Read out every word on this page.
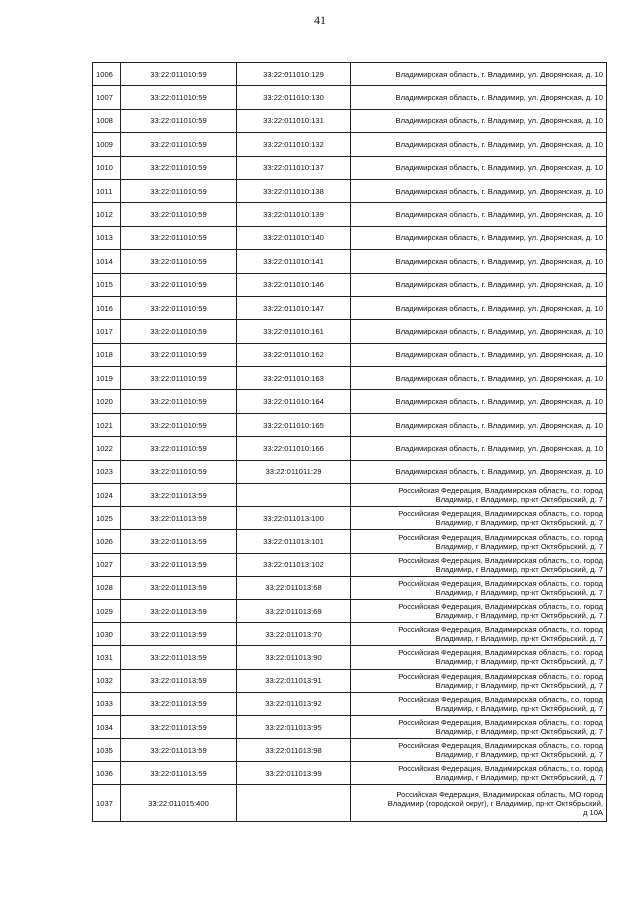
41
1006	33:22:011010:59	33:22:011010:129	Владимирская область, г. Владимир, ул. Дворянская, д. 10
1007	33:22:011010:59	33:22:011010:130	Владимирская область, г. Владимир, ул. Дворянская, д. 10
1008	33:22:011010:59	33:22:011010:131	Владимирская область, г. Владимир, ул. Дворянская, д. 10
1009	33:22:011010:59	33:22:011010:132	Владимирская область, г. Владимир, ул. Дворянская, д. 10
1010	33:22:011010:59	33:22:011010:137	Владимирская область, г. Владимир, ул. Дворянская, д. 10
1011	33:22:011010:59	33:22:011010:138	Владимирская область, г. Владимир, ул. Дворянская, д. 10
1012	33:22:011010:59	33:22:011010:139	Владимирская область, г. Владимир, ул. Дворянская, д. 10
1013	33:22:011010:59	33:22:011010:140	Владимирская область, г. Владимир, ул. Дворянская, д. 10
1014	33:22:011010:59	33:22:011010:141	Владимирская область, г. Владимир, ул. Дворянская, д. 10
1015	33:22:011010:59	33:22:011010:146	Владимирская область, г. Владимир, ул. Дворянская, д. 10
1016	33:22:011010:59	33:22:011010:147	Владимирская область, г. Владимир, ул. Дворянская, д. 10
1017	33:22:011010:59	33:22:011010:161	Владимирская область, г. Владимир, ул. Дворянская, д. 10
1018	33:22:011010:59	33:22:011010:162	Владимирская область, г. Владимир, ул. Дворянская, д. 10
1019	33:22:011010:59	33:22:011010:163	Владимирская область, г. Владимир, ул. Дворянская, д. 10
1020	33:22:011010:59	33:22:011010:164	Владимирская область, г. Владимир, ул. Дворянская, д. 10
1021	33:22:011010:59	33:22:011010:165	Владимирская область, г. Владимир, ул. Дворянская, д. 10
1022	33:22:011010:59	33:22:011010:166	Владимирская область, г. Владимир, ул. Дворянская, д. 10
1023	33:22:011010:59	33:22:011011:29	Владимирская область, г. Владимир, ул. Дворянская, д. 10
1024	33:22:011013:59		Российская Федерация, Владимирская область, г.о. город
Владимир, г Владимир, пр-кт Октябрьский, д. 7

1025	33:22:011013:59	33:22:011013:100	Российская Федерация, Владимирская область, г.о. город
Владимир, г Владимир, пр-кт Октябрьский, д. 7

1026	33:22:011013:59	33:22:011013:101	Российская Федерация, Владимирская область, г.о. город
Владимир, г Владимир, пр-кт Октябрьский, д. 7

1027	33:22:011013:59	33:22:011013:102	Российская Федерация, Владимирская область, г.о. город
Владимир, г Владимир, пр-кт Октябрьский, д. 7

1028	33:22:011013:59	33:22:011013:68	Российская Федерация, Владимирская область, г.о. город
Владимир, г Владимир, пр-кт Октябрьский, д. 7

1029	33:22:011013:59	33:22:011013:69	Российская Федерация, Владимирская область, г.о. город
Владимир, г Владимир, пр-кт Октябрьский, д. 7

1030	33:22:011013:59	33:22:011013:70	Российская Федерация, Владимирская область, г.о. город
Владимир, г Владимир, пр-кт Октябрьский, д. 7

1031	33:22:011013:59	33:22:011013:90	Российская Федерация, Владимирская область, г.о. город
Владимир, г Владимир, пр-кт Октябрьский, д. 7

1032	33:22:011013:59	33:22:011013:91	Российская Федерация, Владимирская область, г.о. город
Владимир, г Владимир, пр-кт Октябрьский, д. 7

1033	33:22:011013:59	33:22:011013:92	Российская Федерация, Владимирская область, г.о. город
Владимир, г Владимир, пр-кт Октябрьский, д. 7

1034	33:22:011013:59	33:22:011013:95	Российская Федерация, Владимирская область, г.о. город
Владимир, г Владимир, пр-кт Октябрьский, д. 7

1035	33:22:011013:59	33:22:011013:98	Российская Федерация, Владимирская область, г.о. город
Владимир, г Владимир, пр-кт Октябрьский, д. 7

1036	33:22:011013:59	33:22:011013:99	Российская Федерация, Владимирская область, г.о. город
Владимир, г Владимир, пр-кт Октябрьский, д. 7

1037	33:22:011015:400		Российская Федерация, Владимирская область, МО город
Владимир (городской округ), г Владимир, пр-кт Октябрьский,
д 10А
